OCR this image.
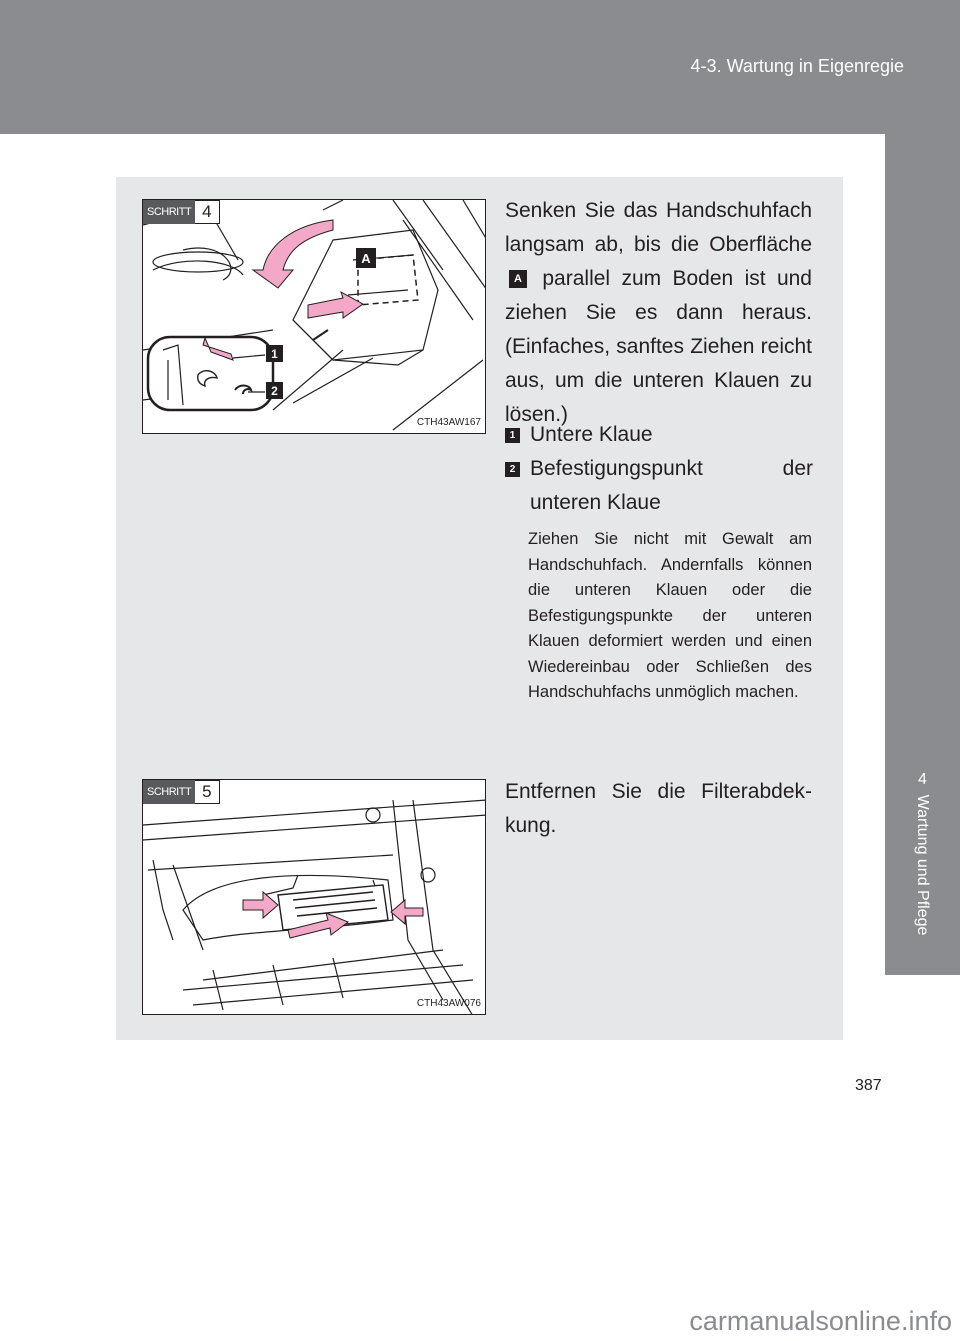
4-3. Wartung in Eigenregie
4
Wartung und Pflege
A
1
2
SCHRITT 4
CTH43AW167
Senken Sie das Handschuhfach langsam ab, bis die Oberfläche A parallel zum Boden ist und ziehen Sie es dann heraus. (Einfaches, sanftes Ziehen reicht aus, um die unteren Klauen zu lösen.)
1 Untere Klaue
2 Befestigungspunkt der unteren Klaue
Ziehen Sie nicht mit Gewalt am Handschuhfach. Andernfalls können die unteren Klauen oder die Befestigungspunkte der unteren Klauen deformiert werden und einen Wiedereinbau oder Schließen des Handschuhfachs unmöglich machen.
SCHRITT 5
CTH43AW076
Entfernen Sie die Filterabdekkung.
387
carmanualsonline.info
